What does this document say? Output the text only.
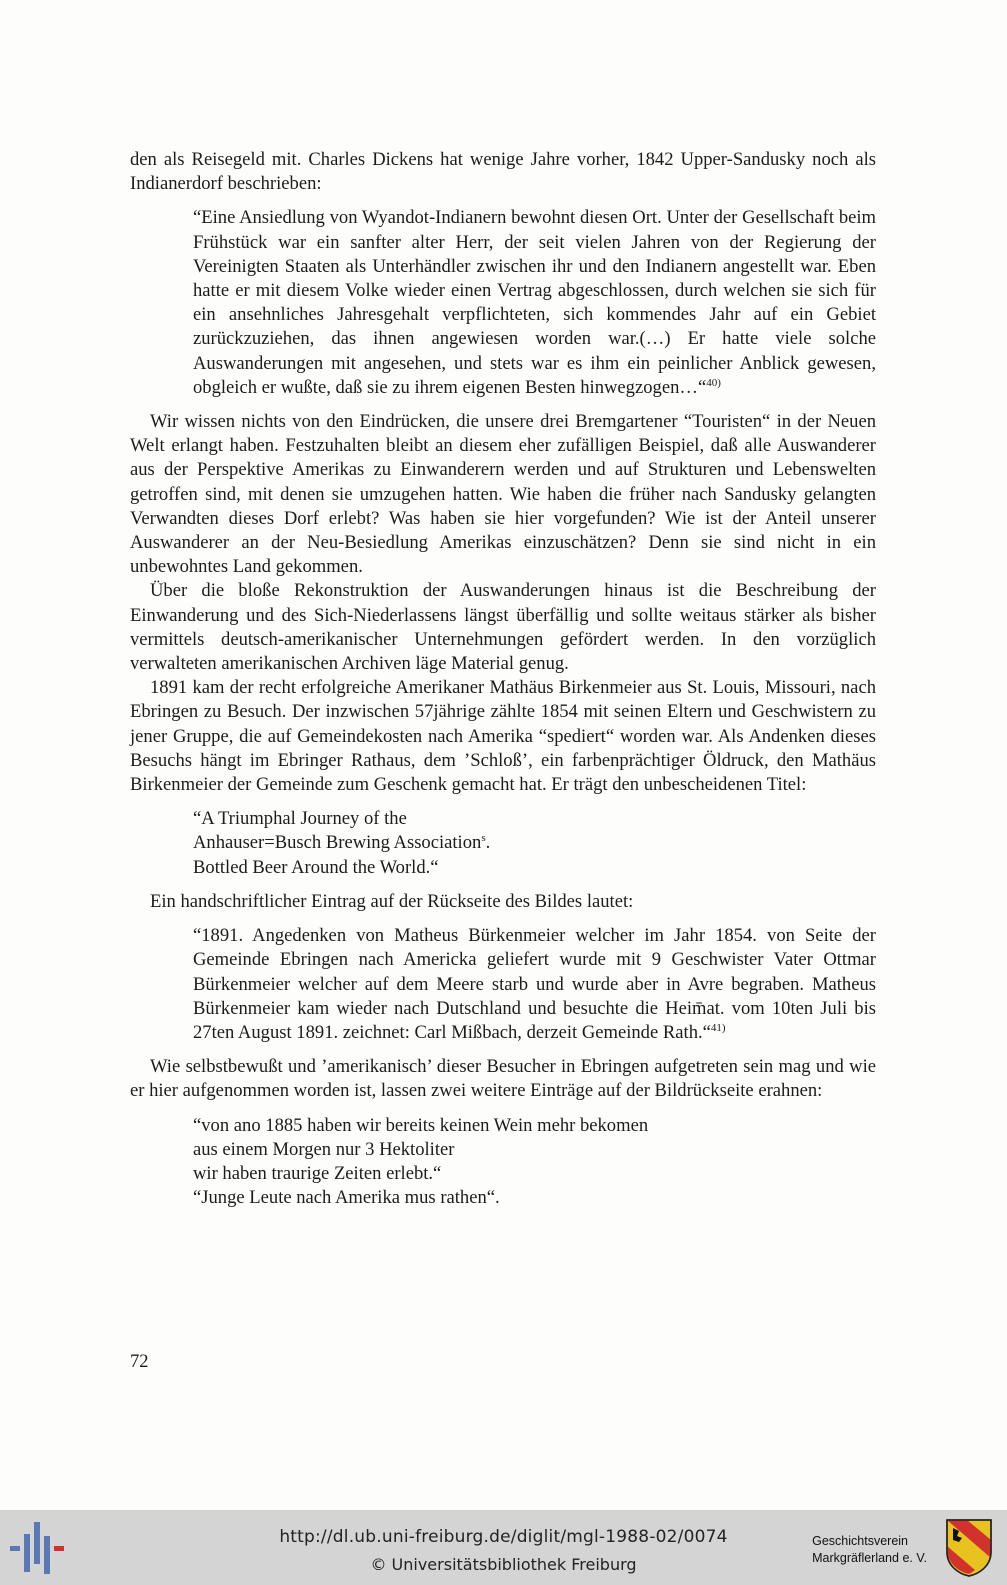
den als Reisegeld mit. Charles Dickens hat wenige Jahre vorher, 1842 Upper-Sandusky noch als Indianerdorf beschrieben:

“Eine Ansiedlung von Wyandot-Indianern bewohnt diesen Ort. Unter der Gesellschaft beim Frühstück war ein sanfter alter Herr, der seit vielen Jahren von der Regierung der Vereinigten Staaten als Unterhändler zwischen ihr und den Indianern angestellt war. Eben hatte er mit diesem Volke wieder einen Vertrag abgeschlossen, durch welchen sie sich für ein ansehnliches Jahresgehalt verpflichteten, sich kommendes Jahr auf ein Gebiet zurückzuziehen, das ihnen angewiesen worden war.(…) Er hatte viele solche Auswanderungen mit angesehen, und stets war es ihm ein peinlicher Anblick gewesen, obgleich er wußte, daß sie zu ihrem eigenen Besten hinwegzogen…“$^{40)}$

Wir wissen nichts von den Eindrücken, die unsere drei Bremgartener “Touristen“ in der Neuen Welt erlangt haben. Festzuhalten bleibt an diesem eher zufälligen Beispiel, daß alle Auswanderer aus der Perspektive Amerikas zu Einwanderern werden und auf Strukturen und Lebenswelten getroffen sind, mit denen sie umzugehen hatten. Wie haben die früher nach Sandusky gelangten Verwandten dieses Dorf erlebt? Was haben sie hier vorgefunden? Wie ist der Anteil unserer Auswanderer an der Neu-Besiedlung Amerikas einzuschätzen? Denn sie sind nicht in ein unbewohntes Land gekommen.

Über die bloße Rekonstruktion der Auswanderungen hinaus ist die Beschreibung der Einwanderung und des Sich-Niederlassens längst überfällig und sollte weitaus stärker als bisher vermittels deutsch-amerikanischer Unternehmungen gefördert werden. In den vorzüglich verwalteten amerikanischen Archiven läge Material genug.

1891 kam der recht erfolgreiche Amerikaner Mathäus Birkenmeier aus St. Louis, Missouri, nach Ebringen zu Besuch. Der inzwischen 57jährige zählte 1854 mit seinen Eltern und Geschwistern zu jener Gruppe, die auf Gemeindekosten nach Amerika “spediert“ worden war. Als Andenken dieses Besuchs hängt im Ebringer Rathaus, dem ’Schloß’, ein farbenprächtiger Öldruck, den Mathäus Birkenmeier der Gemeinde zum Geschenk gemacht hat. Er trägt den unbescheidenen Titel:

“A Triumphal Journey of the
Anhauser=Busch Brewing Association$^s$.
Bottled Beer Around the World.“

Ein handschriftlicher Eintrag auf der Rückseite des Bildes lautet:

“1891. Angedenken von Matheus Bürkenmeier welcher im Jahr 1854. von Seite der Gemeinde Ebringen nach Americka geliefert wurde mit 9 Geschwister Vater Ottmar Bürkenmeier welcher auf dem Meere starb und wurde aber in Avre begraben. Matheus Bürkenmeier kam wieder nach Dutschland und besuchte die Heim̄at. vom 10ten Juli bis 27ten August 1891. zeichnet: Carl Mißbach, derzeit Gemeinde Rath.“$^{41)}$

Wie selbstbewußt und ’amerikanisch’ dieser Besucher in Ebringen aufgetreten sein mag und wie er hier aufgenommen worden ist, lassen zwei weitere Einträge auf der Bildrückseite erahnen:

“von ano 1885 haben wir bereits keinen Wein mehr bekomen
aus einem Morgen nur 3 Hektoliter
wir haben traurige Zeiten erlebt.“
“Junge Leute nach Amerika mus rathen“.
72
http://dl.ub.uni-freiburg.de/diglit/mgl-1988-02/0074
© Universitätsbibliothek Freiburg
Geschichtsverein
Markgräflerland e. V.
